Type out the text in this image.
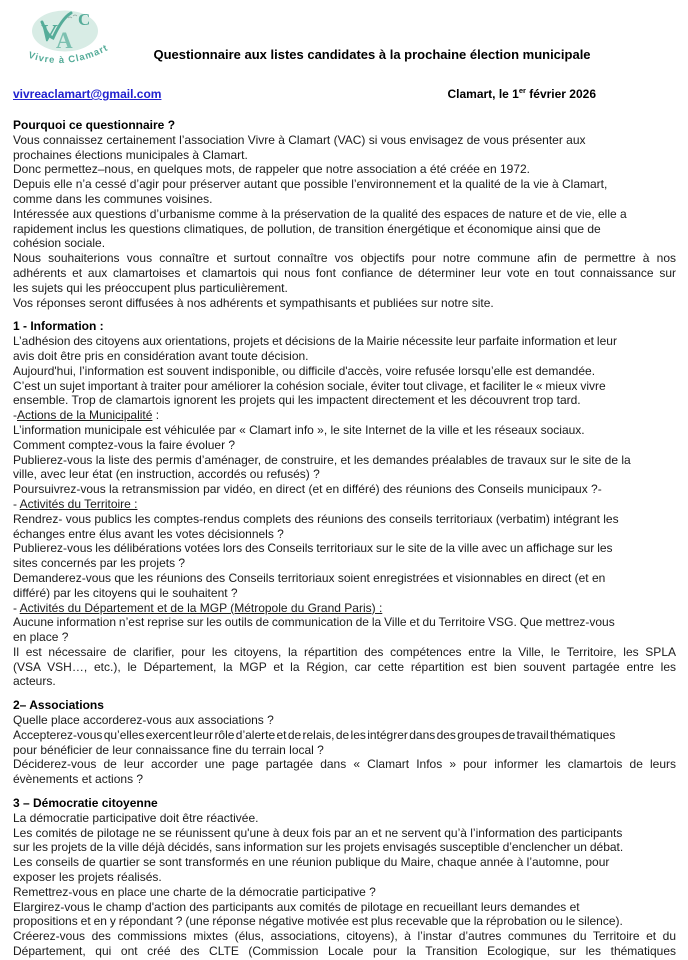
V A
C
Vivre à Clamart	Questionnaire aux listes candidates à la prochaine élection municipale
vivreaclamart@gmail.com	Clamart, le 1er février 2026
Pourquoi ce questionnaire ?
Vous connaissez certainement l’association Vivre à Clamart (VAC) si vous envisagez de vous présenter aux
prochaines élections municipales à Clamart.
Donc permettez–nous, en quelques mots, de rappeler que notre association a été créée en 1972.
Depuis elle n’a cessé d’agir pour préserver autant que possible l’environnement et la qualité de la vie à Clamart,
comme dans les communes voisines.
Intéressée aux questions d’urbanisme comme à la préservation de la qualité des espaces de nature et de vie, elle a
rapidement inclus les questions climatiques, de pollution, de transition énergétique et économique ainsi que de
cohésion sociale.
Nous souhaiterions vous connaître et surtout connaître vos objectifs pour notre commune afin de permettre à nos
adhérents et aux clamartoises et clamartois qui nous font confiance de déterminer leur vote en tout connaissance sur
les sujets qui les préoccupent plus particulièrement.
Vos réponses seront diffusées à nos adhérents et sympathisants et publiées sur notre site.
1 - Information :
L’adhésion des citoyens aux orientations, projets et décisions de la Mairie nécessite leur parfaite information et leur
avis doit être pris en considération avant toute décision.
Aujourd'hui, l’information est souvent indisponible, ou difficile d'accès, voire refusée lorsqu’elle est demandée.
C’est un sujet important à traiter pour améliorer la cohésion sociale, éviter tout clivage, et faciliter le « mieux vivre
ensemble. Trop de clamartois ignorent les projets qui les impactent directement et les découvrent trop tard.
-Actions de la Municipalité :
L’information municipale est véhiculée par « Clamart info », le site Internet de la ville et les réseaux sociaux.
Comment comptez-vous la faire évoluer ?
Publierez-vous la liste des permis d’aménager, de construire, et les demandes préalables de travaux sur le site de la
ville, avec leur état (en instruction, accordés ou refusés) ?
Poursuivrez-vous la retransmission par vidéo, en direct (et en différé) des réunions des Conseils municipaux ?-
- Activités du Territoire :
Rendrez- vous publics les comptes-rendus complets des réunions des conseils territoriaux (verbatim) intégrant les
échanges entre élus avant les votes décisionnels ?
Publierez-vous les délibérations votées lors des Conseils territoriaux sur le site de la ville avec un affichage sur les
sites concernés par les projets ?
Demanderez-vous que les réunions des Conseils territoriaux soient enregistrées et visionnables en direct (et en
différé) par les citoyens qui le souhaitent ?
- Activités du Département et de la MGP (Métropole du Grand Paris) :
Aucune information n’est reprise sur les outils de communication de la Ville et du Territoire VSG. Que mettrez-vous
en place ?
Il est nécessaire de clarifier, pour les citoyens, la répartition des compétences entre la Ville, le Territoire, les SPLA
(VSA VSH…, etc.), le Département, la MGP et la Région, car cette répartition est bien souvent partagée entre les
acteurs.
2– Associations
Quelle place accorderez-vous aux associations ?
Accepterez-vous qu’elles exercent leur rôle d’alerte et de relais, de les intégrer dans des groupes de travail thématiques
pour bénéficier de leur connaissance fine du terrain local ?
Déciderez-vous de leur accorder une page partagée dans « Clamart Infos » pour informer les clamartois de leurs
évènements et actions ?
3 – Démocratie citoyenne
La démocratie participative doit être réactivée.
Les comités de pilotage ne se réunissent qu'une à deux fois par an et ne servent qu’à l’information des participants
sur les projets de la ville déjà décidés, sans information sur les projets envisagés susceptible d’enclencher un débat.
Les conseils de quartier se sont transformés en une réunion publique du Maire, chaque année à l’automne, pour
exposer les projets réalisés.
Remettrez-vous en place une charte de la démocratie participative ?
Elargirez-vous le champ d'action des participants aux comités de pilotage en recueillant leurs demandes et
propositions et en y répondant ? (une réponse négative motivée est plus recevable que la réprobation ou le silence).
Créerez-vous des commissions mixtes (élus, associations, citoyens), à l’instar d’autres communes du Territoire et du
Département, qui ont créé des CLTE (Commission Locale pour la Transition Ecologique, sur les thématiques
